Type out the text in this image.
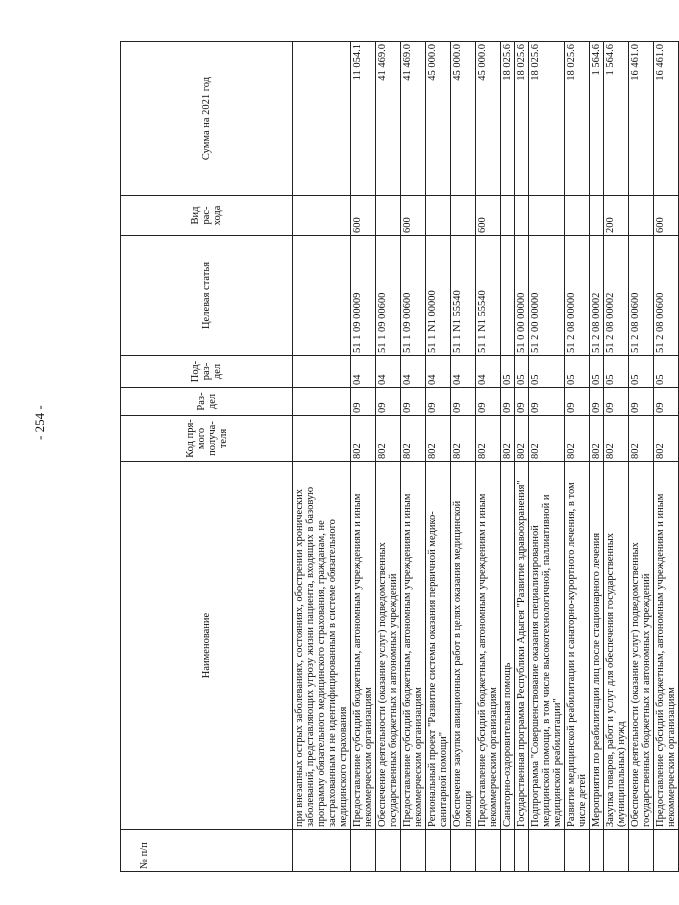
- 254 -
№ п/п	Наименование	Код пря- мого получа- теля	Раз- дел	Под- раз- дел	Целевая статья	Вид рас- хода	Сумма на 2021 год
	при внезапных острых заболеваниях, состояниях, обострении хронических заболеваний, представляющих угрозу жизни пациента, входящих в базовую программу обязательного медицинского страхования, гражданам, не застрахованным и не идентифицированным в системе обязательного медицинского страхования						
	Предоставление субсидий бюджетным, автономным учреждениям и иным некоммерческим организациям	802	09	04	51 1 09 00009	600	11 054.1
	Обеспечение деятельности (оказание услуг) подведомственных государственных бюджетных и автономных учреждений	802	09	04	51 1 09 00600		41 469.0
	Предоставление субсидий бюджетным, автономным учреждениям и иным некоммерческим организациям	802	09	04	51 1 09 00600	600	41 469.0
	Региональный проект "Развитие системы оказания первичной медико-санитарной помощи"	802	09	04	51 1 N1 00000		45 000.0
	Обеспечение закупки авиационных работ в целях оказания медицинской помощи	802	09	04	51 1 N1 55540		45 000.0
	Предоставление субсидий бюджетным, автономным учреждениям и иным некоммерческим организациям	802	09	04	51 1 N1 55540	600	45 000.0
	Санаторно-оздоровительная помощь	802	09	05			18 025.6
	Государственная программа Республики Адыгея "Развитие здравоохранения"	802	09	05	51 0 00 00000		18 025.6
	Подпрограмма "Совершенствование оказания специализированной медицинской помощи, в том числе высокотехнологичной, паллиативной и медицинской реабилитации"	802	09	05	51 2 00 00000		18 025.6
	Развитие медицинской реабилитации и санаторно-курортного лечения, в том числе детей	802	09	05	51 2 08 00000		18 025.6
	Мероприятия по реабилитации лиц после стационарного лечения	802	09	05	51 2 08 00002		1 564.6
	Закупка товаров, работ и услуг для обеспечения государственных (муниципальных) нужд	802	09	05	51 2 08 00002	200	1 564.6
	Обеспечение деятельности (оказание услуг) подведомственных государственных бюджетных и автономных учреждений	802	09	05	51 2 08 00600		16 461.0
	Предоставление субсидий бюджетным, автономным учреждениям и иным некоммерческим организациям	802	09	05	51 2 08 00600	600	16 461.0
